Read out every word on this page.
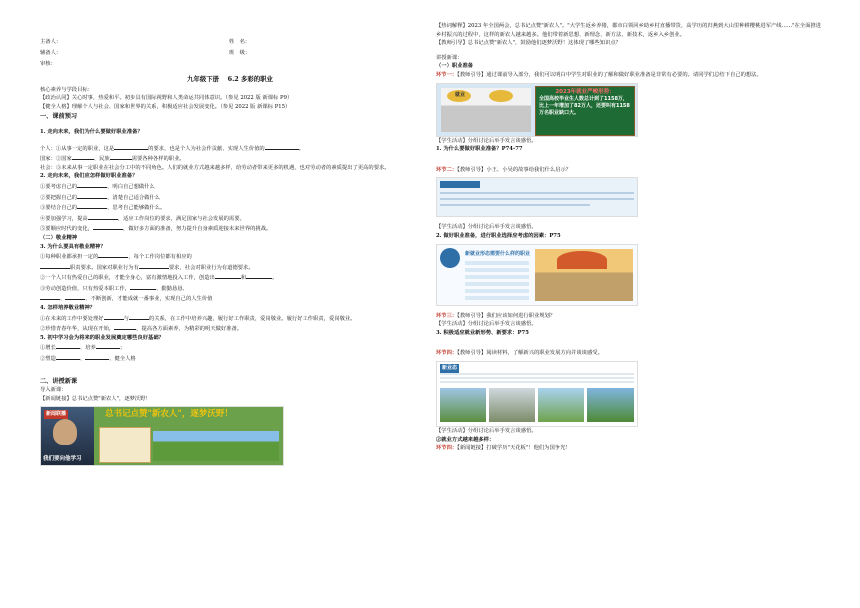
主备人：	姓　名：
辅备人：	班　级：
审核：

九年级下册　 6.2 多彩的职业

核心素养与学段目标：

【政治认同】关心时事，热爱和平。初步具有国际视野和人类命运共同体意识。（参见 2022 版 新课标 P9）

【健全人格】理解个人与社会、国家和世界的关系，积极适应社会发展变化。（参见 2022 版 新课标 P15）

一、课前预习

1. 走向未来，我们为什么要做好职业准备？

个人：①从事一定的职业，这是	的要求，也是个人为社会作贡献、实现人生价值的	。

国家：②国家	、民族	需要各种各样的职业。

社会：③未来从事一定职业在社会分工中的不同角色。人们的就业方式越来越多样，给劳动者带来更多的机遇，也对劳动者的素质提出了更高的要求。

2. 走向未来，我们应怎样做好职业准备？

①要考虑自己的	，明白自己想做什么

②要把握自己的	，清楚自己适合做什么

③要结合自己的	，思考自己能够做什么。

④要加强学习，提高	，适应工作岗位的要求，满足国家与社会发展的需要。

⑤要顺应时代的变化，	，做好多方面的准备，努力提升自身素质迎接未来世界的挑战。

（二）敬业精神

3. 为什么要具有敬业精神？

①每种职业都承担一定的	，每个工作岗位都有相应的

职责要求。国家对职业行为有	要求，社会对职业行为有道德要求。

②一个人只有热爱自己的职业，才能全身心，富有激情地投入工作，创造出	和	。

③劳动创造价值，只有热爱本职工作，	、勤勤恳恳、

、	、不断创新，才能成就一番事业，实现自己的人生价值

4. 怎样培养敬业精神？

①在未来的工作中要处理好	与	的关系，在工作中培养兴趣，履行好工作职责，爱岗敬业。履行好工作职责，爱岗敬业。

②珍惜青春年华，从现在开始，	，提高各方面素养，为精彩的明天做好准备。

5. 初中学习会为将来的职业发展奠定哪些良好基础？

①增长	、培养	；

②塑造	、	、健全人格

二、讲授新课

导入新课：

【新闻链接】总书记点赞"新农人"，逐梦沃野！

新闻联播
我们要向他学习
总书记点赞"新农人"，逐梦沃野！

【热词解释】2023 年全国两会，总书记点赞"新农人"。"大学生返乡养猪，都市白领回乡助乡村直播带货，高学历的归燕到大山里种耕樱桃进军产线……"在全面推进乡村振兴的过程中，这样的新农人越来越多。他们带着新思想、新理念、新方法、新技术，返乡入乡创业。

【教师引导】总书记点赞"新农人"，鼓励他们逐梦沃野！这体现了哪些知识点？

讲授新课：

（一）职业准备

环节一：【教师引导】通过课前导入部分，我们可以明白中学生对职业的了解和做好职业准备是非常有必要的。请同学们总结下自己的想法。

就业	2023年就业严峻形势：
全国高校毕业生人数总计到了1158万，比上一年增加了82万人，还要叫有1158万名职业缺口大。

【学生活动】分组讨论后举手发言谈感悟。

1. 为什么要做好职业准备？P74-77

环节二：【教师引导】小王、小吴的故事给我们什么启示？

【学生活动】分组讨论后举手发言谈感悟。

2. 做好职业准备，进行职业选择应考虑的因素：P75

新就业形态需要什么样的职业

环节三：【教师引导】我们应该如何进行职业规划？

【学生活动】分组讨论后举手发言谈感悟。

3. 积极适应就业新形势、新要求：P75

环节四：【教师引导】阅读材料，了解新兴的职业发展方向并谈谈感受。

新业态

【学生活动】分组讨论后举手发言谈感悟。

②就业方式越来越多样：

环节四：【新闻链接】打破学历"天花板"！他们为国争光！
